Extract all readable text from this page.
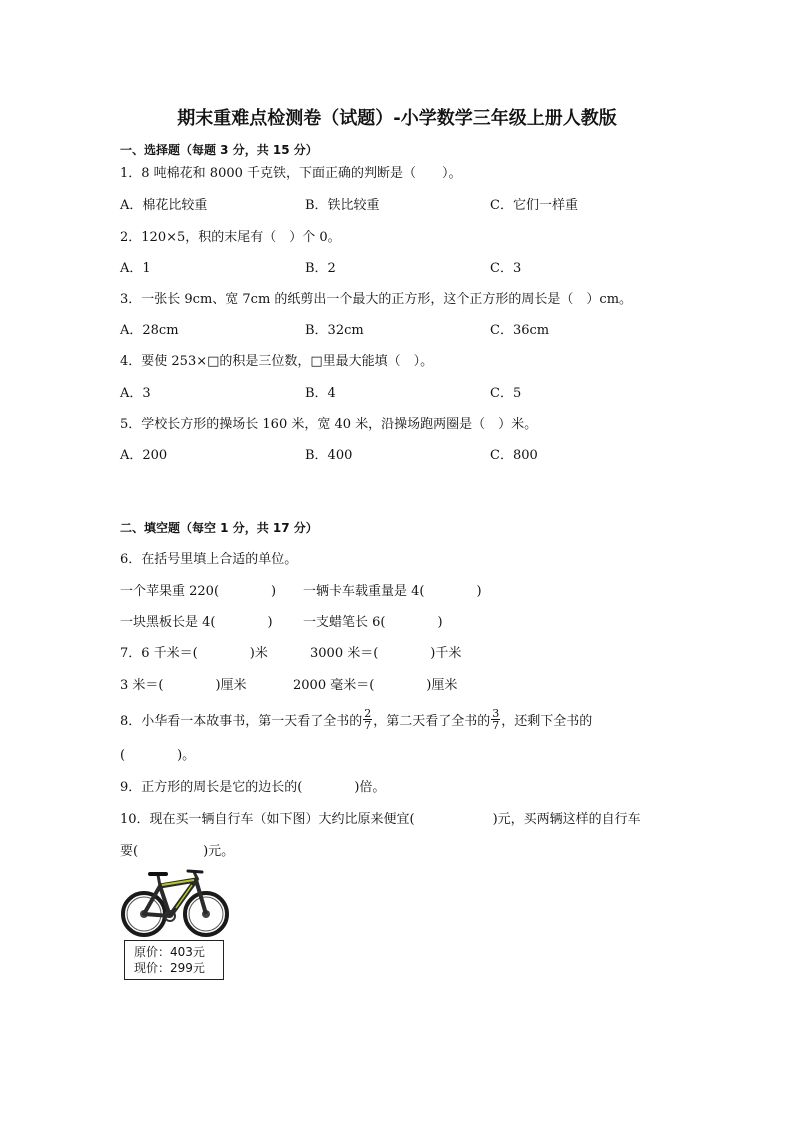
期末重难点检测卷（试题）-小学数学三年级上册人教版
一、选择题（每题 3 分，共 15 分）
1．8 吨棉花和 8000 千克铁，下面正确的判断是（　　）。
A．棉花比较重	B．铁比较重	C．它们一样重
2．120×5，积的末尾有（　）个 0。
A．1	B．2	C．3
3．一张长 9cm、宽 7cm 的纸剪出一个最大的正方形，这个正方形的周长是（　）cm。
A．28cm	B．32cm	C．36cm
4．要使 253×□的积是三位数，□里最大能填（　）。
A．3	B．4	C．5
5．学校长方形的操场长 160 米，宽 40 米，沿操场跑两圈是（　）米。
A．200	B．400	C．800
二、填空题（每空 1 分，共 17 分）
6．在括号里填上合适的单位。
一个苹果重 220(　　　　) 一辆卡车载重量是 4(　　　　)
一块黑板长是 4(　　　　) 一支蜡笔长 6(　　　　)
7．6 千米＝(　　　　)米	3000 米＝(　　　　)千米
3 米＝(　　　　)厘米	2000 毫米＝(　　　　)厘米
8．小华看一本故事书，第一天看了全书的 $\frac{2}{7}$ ，第二天看了全书的 $\frac{3}{7}$ ，还剩下全书的
(　　　　)。
9．正方形的周长是它的边长的(　　　　)倍。
10．现在买一辆自行车（如下图）大约比原来便宜(　　　　　　)元，买两辆这样的自行车
要(　　　　　)元。
原价：403元
现价：299元
